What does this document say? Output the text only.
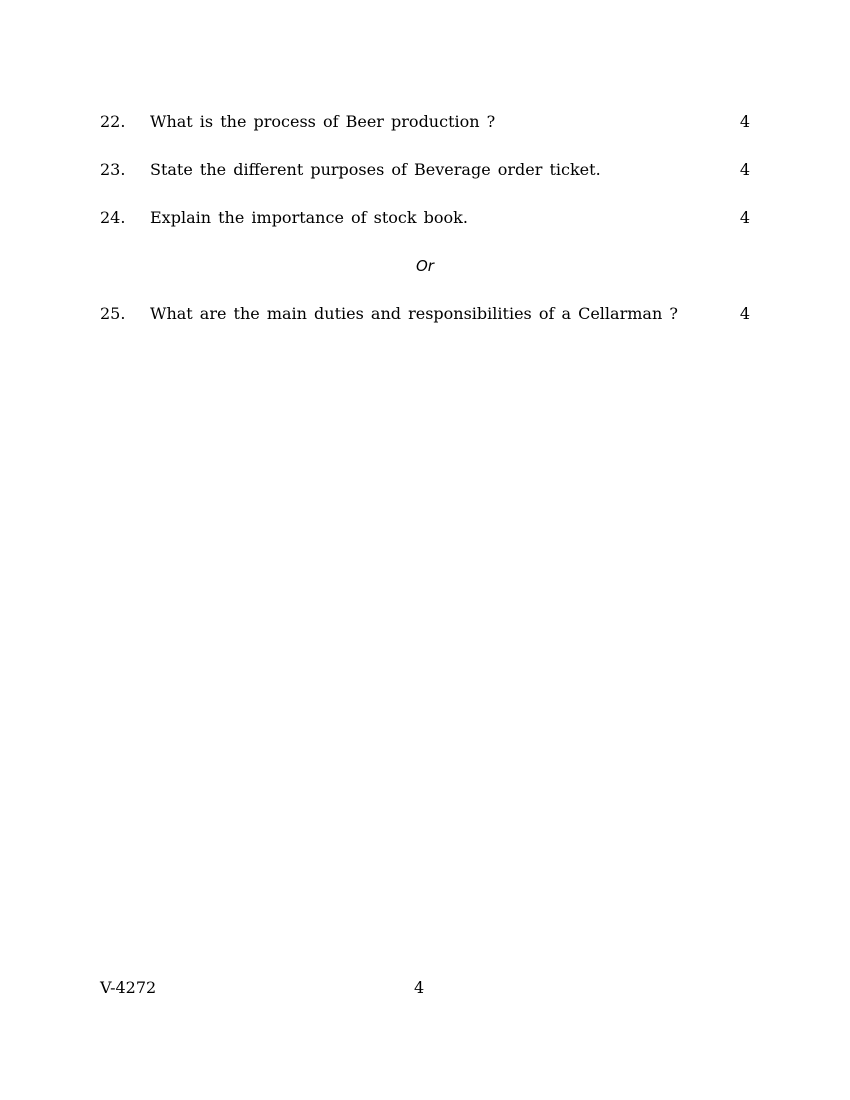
22.	What is the process of Beer production ?	4
23.	State the different purposes of Beverage order ticket.	4
24.	Explain the importance of stock book.	4
Or
25.	What are the main duties and responsibilities of a Cellarman ?	4
V-4272	4
